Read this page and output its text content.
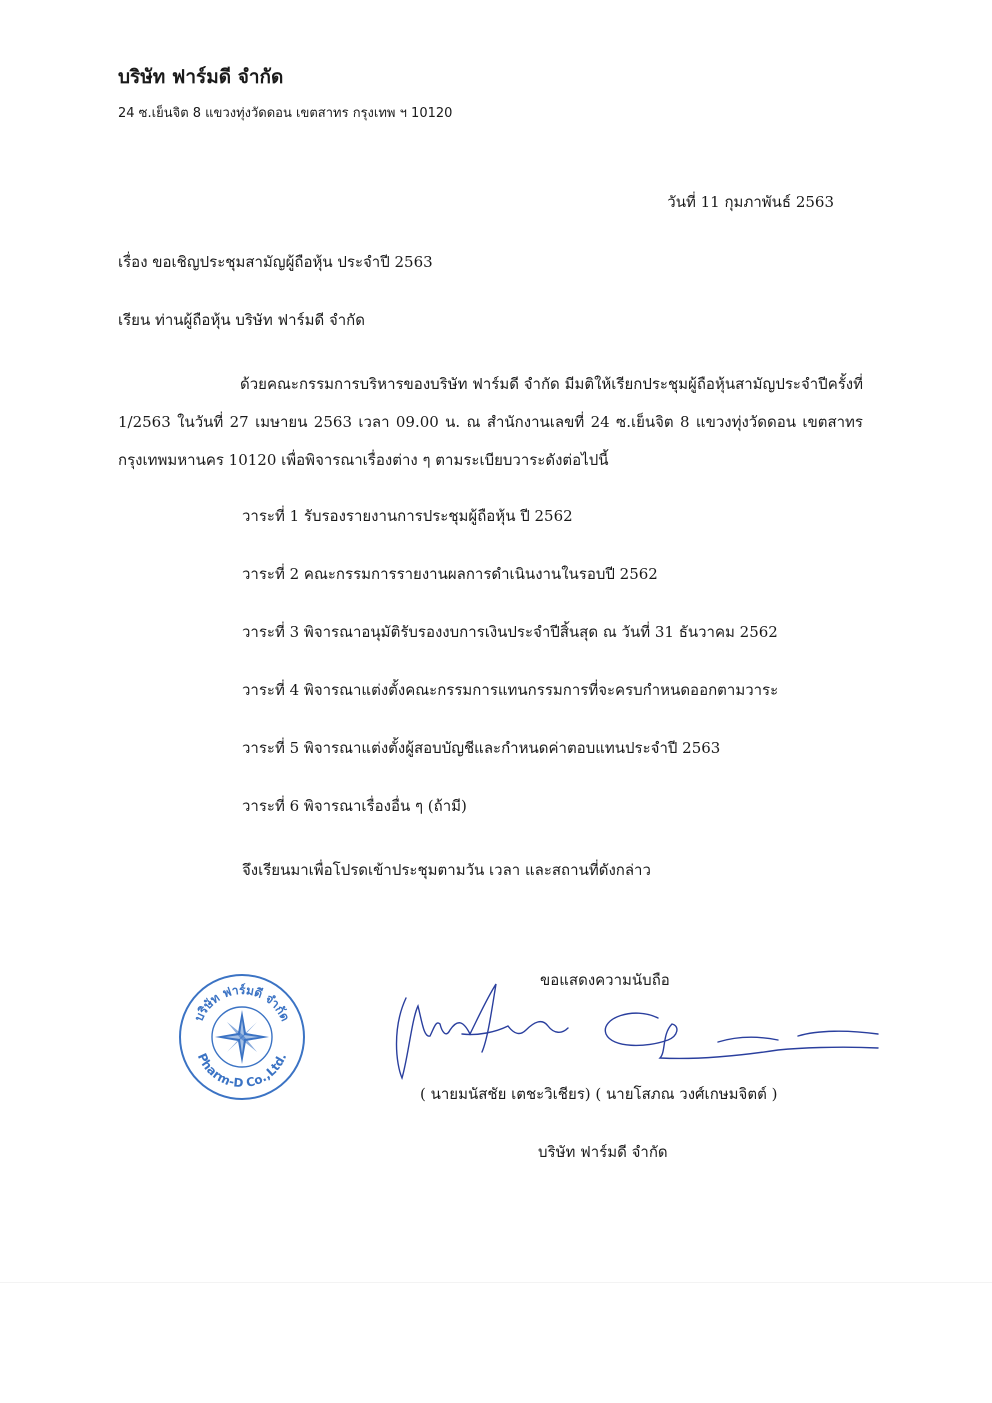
บริษัท ฟาร์มดี จำกัด
24 ซ.เย็นจิต 8 แขวงทุ่งวัดดอน เขตสาทร กรุงเทพ ฯ 10120
วันที่ 11 กุมภาพันธ์ 2563
เรื่อง ขอเชิญประชุมสามัญผู้ถือหุ้น ประจำปี 2563
เรียน ท่านผู้ถือหุ้น บริษัท ฟาร์มดี จำกัด
ด้วยคณะกรรมการบริหารของบริษัท ฟาร์มดี จำกัด มีมติให้เรียกประชุมผู้ถือหุ้นสามัญประจำปีครั้งที่ 1/2563 ในวันที่ 27 เมษายน 2563 เวลา 09.00 น. ณ สำนักงานเลขที่ 24 ซ.เย็นจิต 8 แขวงทุ่งวัดดอน เขตสาทร กรุงเทพมหานคร 10120 เพื่อพิจารณาเรื่องต่าง ๆ ตามระเบียบวาระดังต่อไปนี้
วาระที่ 1 รับรองรายงานการประชุมผู้ถือหุ้น ปี 2562
วาระที่ 2 คณะกรรมการรายงานผลการดำเนินงานในรอบปี 2562
วาระที่ 3 พิจารณาอนุมัติรับรองงบการเงินประจำปีสิ้นสุด ณ วันที่ 31 ธันวาคม 2562
วาระที่ 4 พิจารณาแต่งตั้งคณะกรรมการแทนกรรมการที่จะครบกำหนดออกตามวาระ
วาระที่ 5 พิจารณาแต่งตั้งผู้สอบบัญชีและกำหนดค่าตอบแทนประจำปี 2563
วาระที่ 6 พิจารณาเรื่องอื่น ๆ (ถ้ามี)
จึงเรียนมาเพื่อโปรดเข้าประชุมตามวัน เวลา และสถานที่ดังกล่าว
ขอแสดงความนับถือ
บริษัท ฟาร์มดี จำกัด
Pharm-D Co.,Ltd.
( นายมนัสชัย เตชะวิเชียร) ( นายโสภณ วงศ์เกษมจิตต์ )
บริษัท ฟาร์มดี จำกัด
